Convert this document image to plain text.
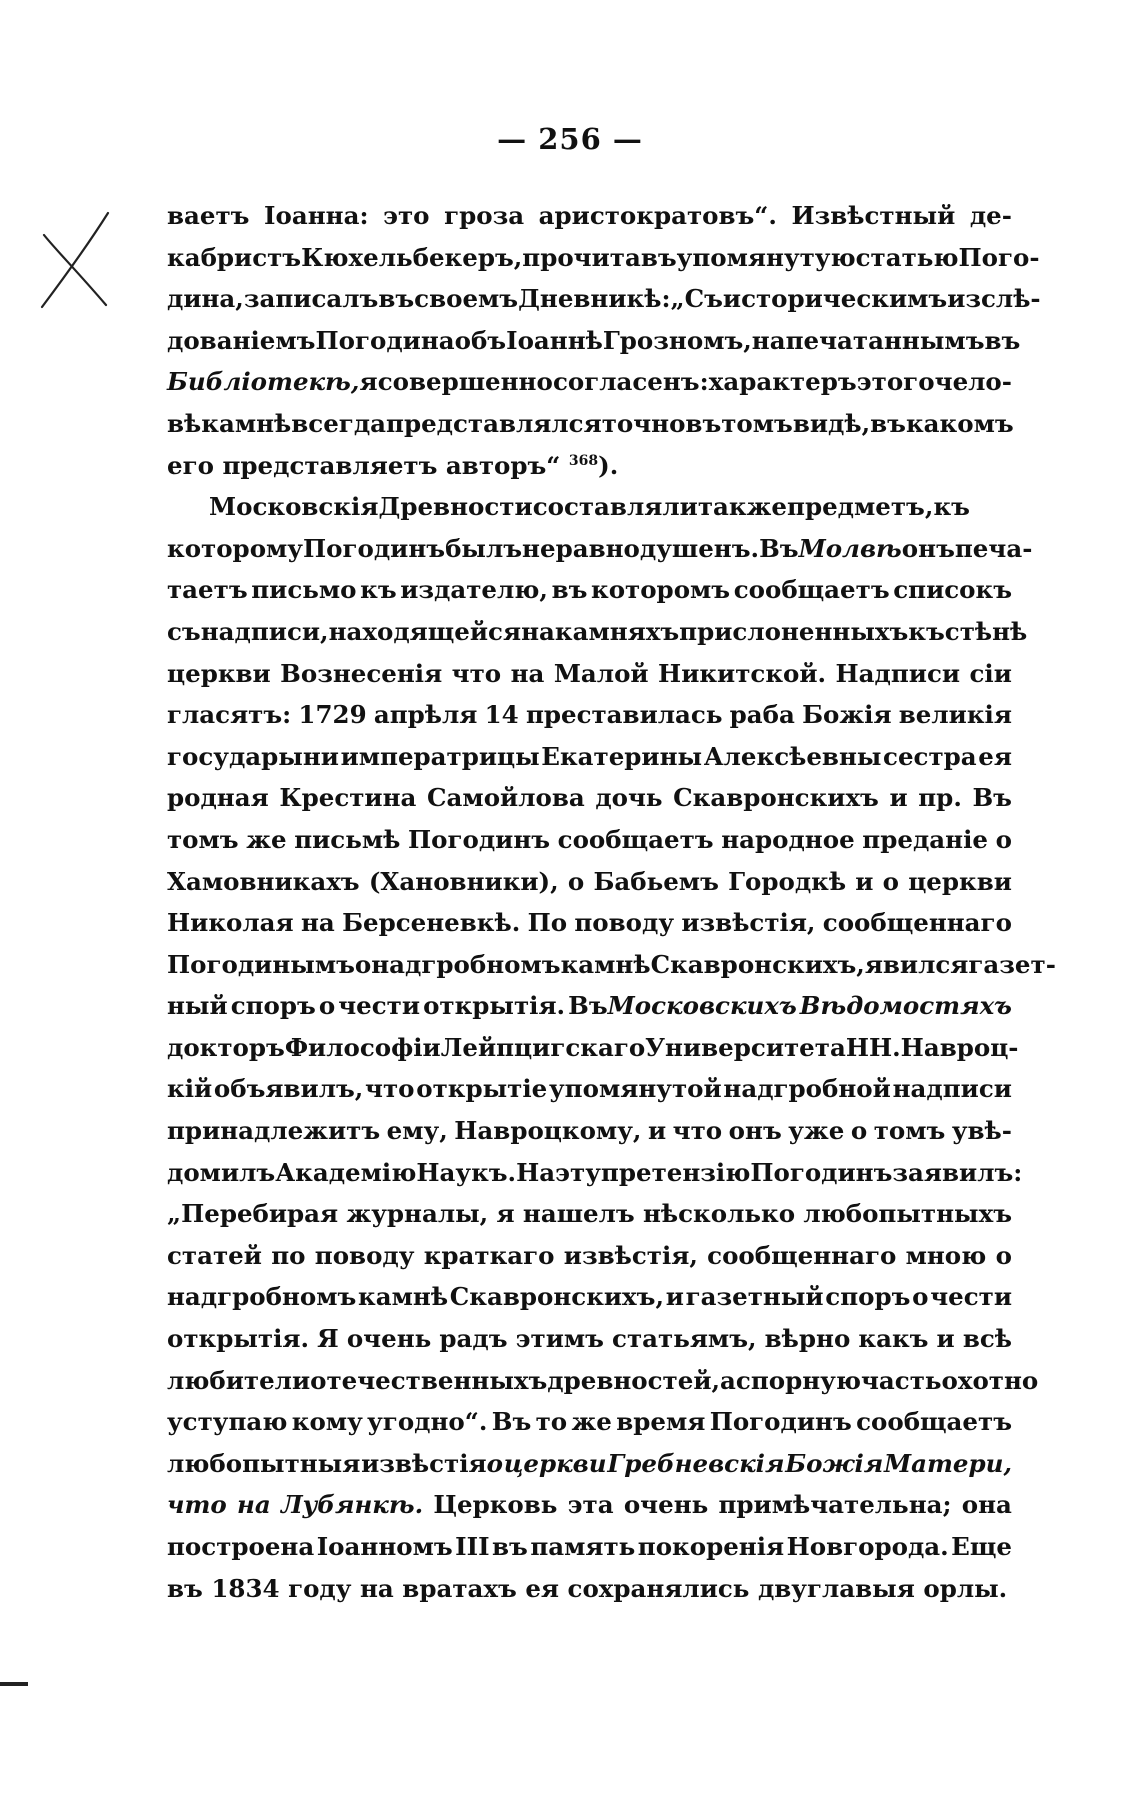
— 256 —
ваетъ Іоанна: это гроза аристократовъ“. Извѣстный де-
кабристъ Кюхельбекеръ, прочитавъ упомянутую статью Пого-
дина, записалъ въ своемъ Дневникѣ: „Съ историческимъ изслѣ-
дованіемъ Погодина объ Іоаннѣ Грозномъ, напечатаннымъ въ
Библіотекѣ, я совершенно согласенъ: характеръ этого чело-
вѣка мнѣ всегда представлялся точно въ томъ видѣ, въ какомъ
его представляетъ авторъ“ $^{368}$).
Московскія Древности составляли также предметъ, къ
которому Погодинъ былъ неравнодушенъ. ВъМолвѣ онъ печа-
таетъ письмо къ издателю, въ которомъ сообщаетъ списокъ
съ надписи, находящейся на камняхъ прислоненныхъ къ стѣнѣ
церкви Вознесенія что на Малой Никитской. Надписи сіи
гласятъ: 1729 апрѣля 14 преставилась раба Божія великія
государыни императрицы Екатерины Алексѣевны сестра ея
родная Крестина Самойлова дочь Скавронскихъ и пр. Въ
томъ же письмѣ Погодинъ сообщаетъ народное преданіе о
Хамовникахъ (Хановники), о Бабьемъ Городкѣ и о церкви
Николая на Берсеневкѣ. По поводу извѣстія, сообщеннаго
Погодинымъ о надгробномъ камнѣ Скавронскихъ, явился газет-
ный споръ о чести открытія. ВъМосковскихъ Вѣдомостяхъ
докторъ Философіи Лейпцигскаго Университета Н Н. Навроц-
кій объявилъ, что открытіе упомянутой надгробной надписи
принадлежитъ ему, Навроцкому, и что онъ уже о томъ увѣ-
домилъ Академію Наукъ. На эту претензію Погодинъ заявилъ:
„Перебирая журналы, я нашелъ нѣсколько любопытныхъ
статей по поводу краткаго извѣстія, сообщеннаго мною о
надгробномъ камнѣ Скавронскихъ, и газетный споръ о чести
открытія. Я очень радъ этимъ статьямъ, вѣрно какъ и всѣ
любители отечественныхъ древностей, а спорную часть охотно
уступаю кому угодно“. Въ то же время Погодинъ сообщаетъ
любопытныя извѣстіяо церкви Гребневскія Божія Матери,
что на Лубянкѣ. Церковь эта очень примѣчательна; она
построена Іоанномъ III въ память покоренія Новгорода. Еще
въ 1834 году на вратахъ ея сохранялись двуглавыя орлы.
